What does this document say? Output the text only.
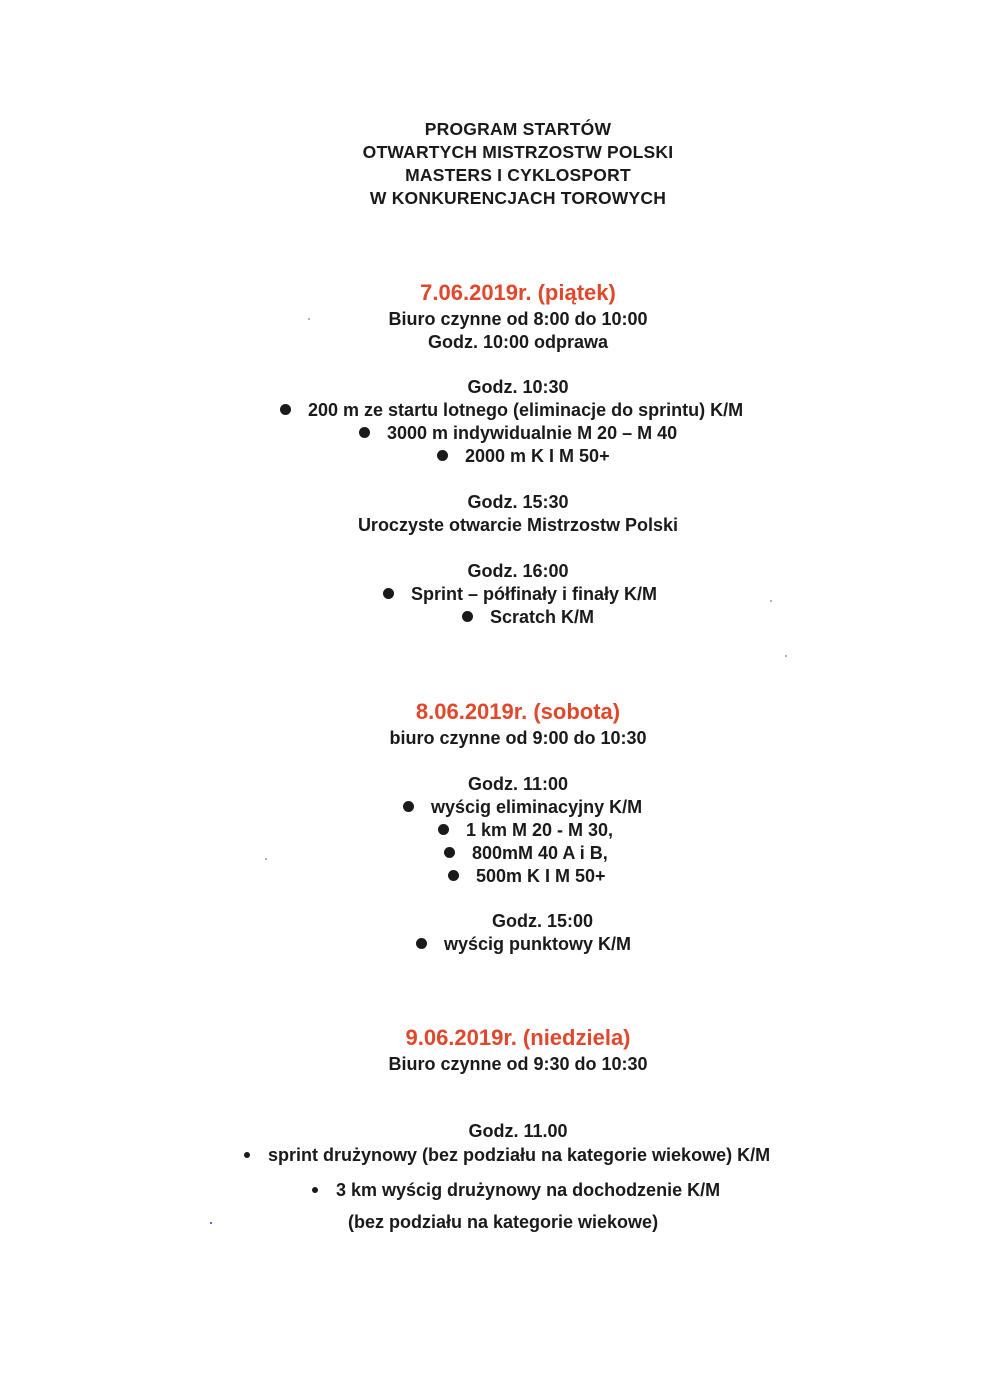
PROGRAM STARTÓW
OTWARTYCH MISTRZOSTW POLSKI
MASTERS I CYKLOSPORT
W KONKURENCJACH TOROWYCH
7.06.2019r. (piątek)
Biuro czynne od 8:00 do 10:00
Godz. 10:00 odprawa
Godz. 10:30
200 m ze startu lotnego (eliminacje do sprintu) K/M
3000 m indywidualnie M 20 – M 40
2000 m K I M 50+
Godz. 15:30
Uroczyste otwarcie Mistrzostw Polski
Godz. 16:00
Sprint – półfinały i finały K/M
Scratch K/M
8.06.2019r. (sobota)
biuro czynne od 9:00 do 10:30
Godz. 11:00
wyścig eliminacyjny K/M
1 km M 20 - M 30,
800mM 40 A i B,
500m K I M 50+
Godz. 15:00
wyścig punktowy K/M
9.06.2019r. (niedziela)
Biuro czynne od 9:30 do 10:30
Godz. 11.00
sprint drużynowy (bez podziału na kategorie wiekowe) K/M
3 km wyścig drużynowy na dochodzenie K/M
(bez podziału na kategorie wiekowe)
